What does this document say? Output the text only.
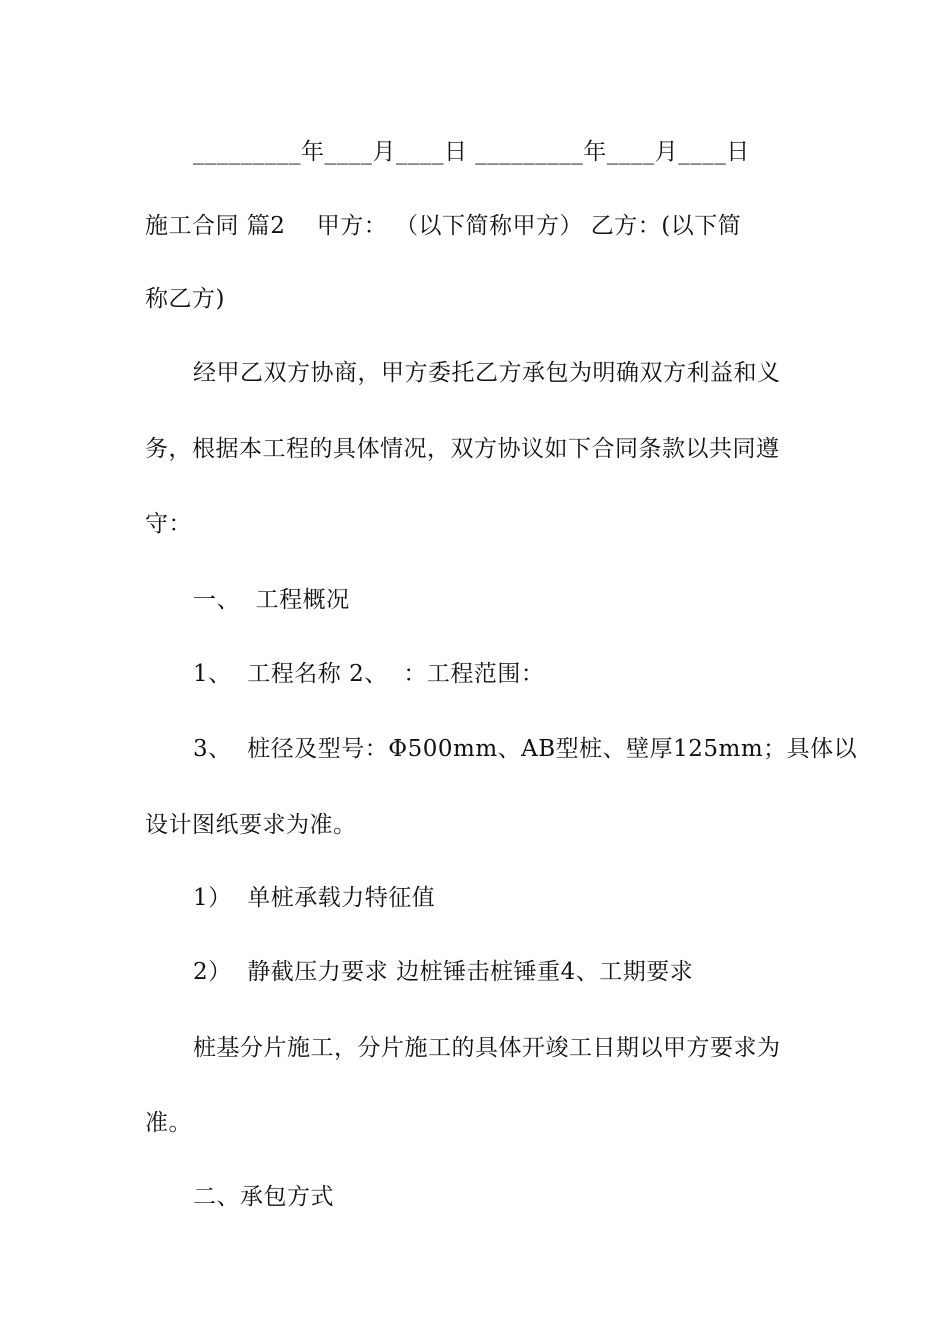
_________年____月____日 _________年____月____日
施工合同 篇2    甲方： （以下简称甲方） 乙方：(以下简
称乙方)
经甲乙双方协商，甲方委托乙方承包为明确双方利益和义
务，根据本工程的具体情况，双方协议如下合同条款以共同遵
守：
一、  工程概况
1、  工程名称 2、  ：工程范围：
3、  桩径及型号：Φ500mm、AB型桩、壁厚125mm；具体以
设计图纸要求为准。
1）  单桩承载力特征值
2）  静截压力要求 边桩锤击桩锤重4、工期要求
桩基分片施工，分片施工的具体开竣工日期以甲方要求为
准。
二、承包方式
